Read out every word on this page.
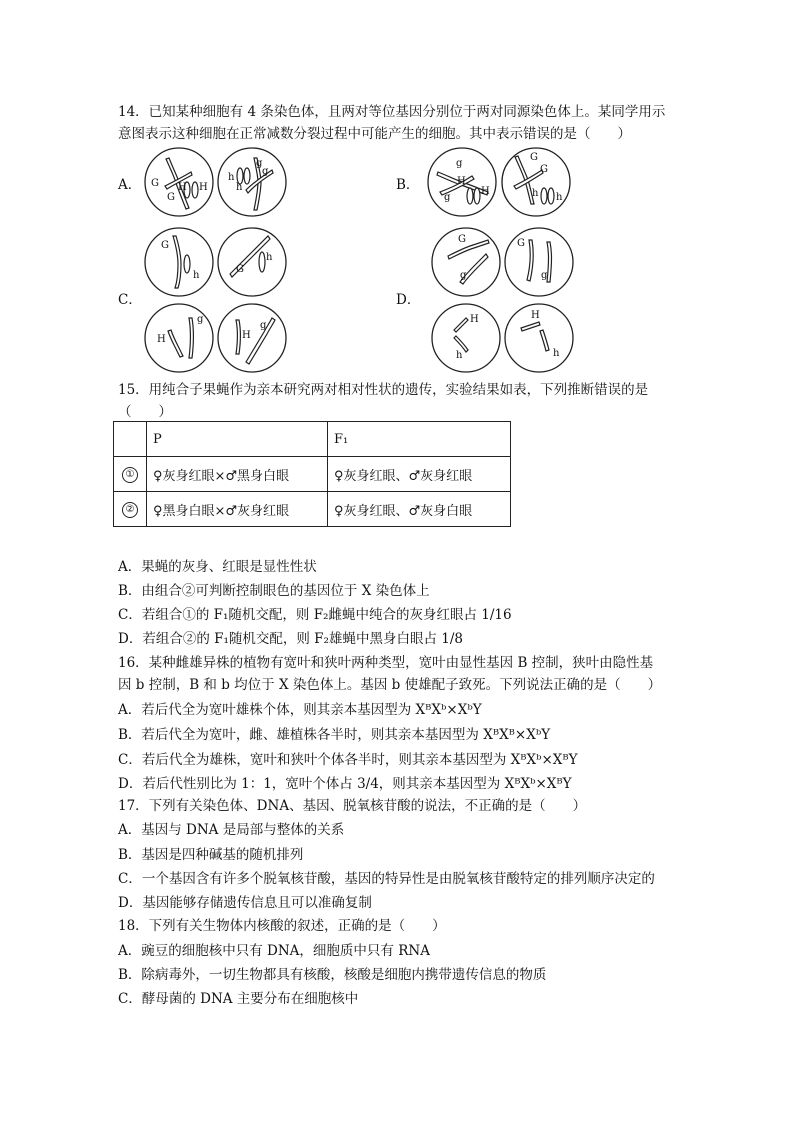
14．已知某种细胞有 4 条染色体，且两对等位基因分别位于两对同源染色体上。某同学用示
意图表示这种细胞在正常减数分裂过程中可能产生的细胞。其中表示错误的是（　　）
A．	B．
C．	D．
G
G
H H
g
g
h
h
g
g
H
H
G
G
h h
G
h
G
h
H
g
H
g
G
g
G
g
H
h
H
h
15．用纯合子果蝇作为亲本研究两对相对性状的遗传，实验结果如表，下列推断错误的是
（　　）
	P	F₁
①	♀灰身红眼×♂黑身白眼	♀灰身红眼、♂灰身红眼
②	♀黑身白眼×♂灰身红眼	♀灰身红眼、♂灰身白眼
A．果蝇的灰身、红眼是显性性状
B．由组合②可判断控制眼色的基因位于 X 染色体上
C．若组合①的 F₁随机交配，则 F₂雌蝇中纯合的灰身红眼占 1/16
D．若组合②的 F₁随机交配，则 F₂雄蝇中黑身白眼占 1/8
16．某种雌雄异株的植物有宽叶和狭叶两种类型，宽叶由显性基因 B 控制，狭叶由隐性基
因 b 控制，B 和 b 均位于 X 染色体上。基因 b 使雄配子致死。下列说法正确的是（　　）
A．若后代全为宽叶雄株个体，则其亲本基因型为 XᴮXᵇ×XᵇY
B．若后代全为宽叶，雌、雄植株各半时，则其亲本基因型为 XᴮXᴮ×XᵇY
C．若后代全为雄株，宽叶和狭叶个体各半时，则其亲本基因型为 XᴮXᵇ×XᴮY
D．若后代性别比为 1：1，宽叶个体占 3/4，则其亲本基因型为 XᴮXᵇ×XᴮY
17．下列有关染色体、DNA、基因、脱氧核苷酸的说法，不正确的是（　　）
A．基因与 DNA 是局部与整体的关系
B．基因是四种碱基的随机排列
C．一个基因含有许多个脱氧核苷酸，基因的特异性是由脱氧核苷酸特定的排列顺序决定的
D．基因能够存储遗传信息且可以准确复制
18．下列有关生物体内核酸的叙述，正确的是（　　）
A．豌豆的细胞核中只有 DNA，细胞质中只有 RNA
B．除病毒外，一切生物都具有核酸，核酸是细胞内携带遗传信息的物质
C．酵母菌的 DNA 主要分布在细胞核中
